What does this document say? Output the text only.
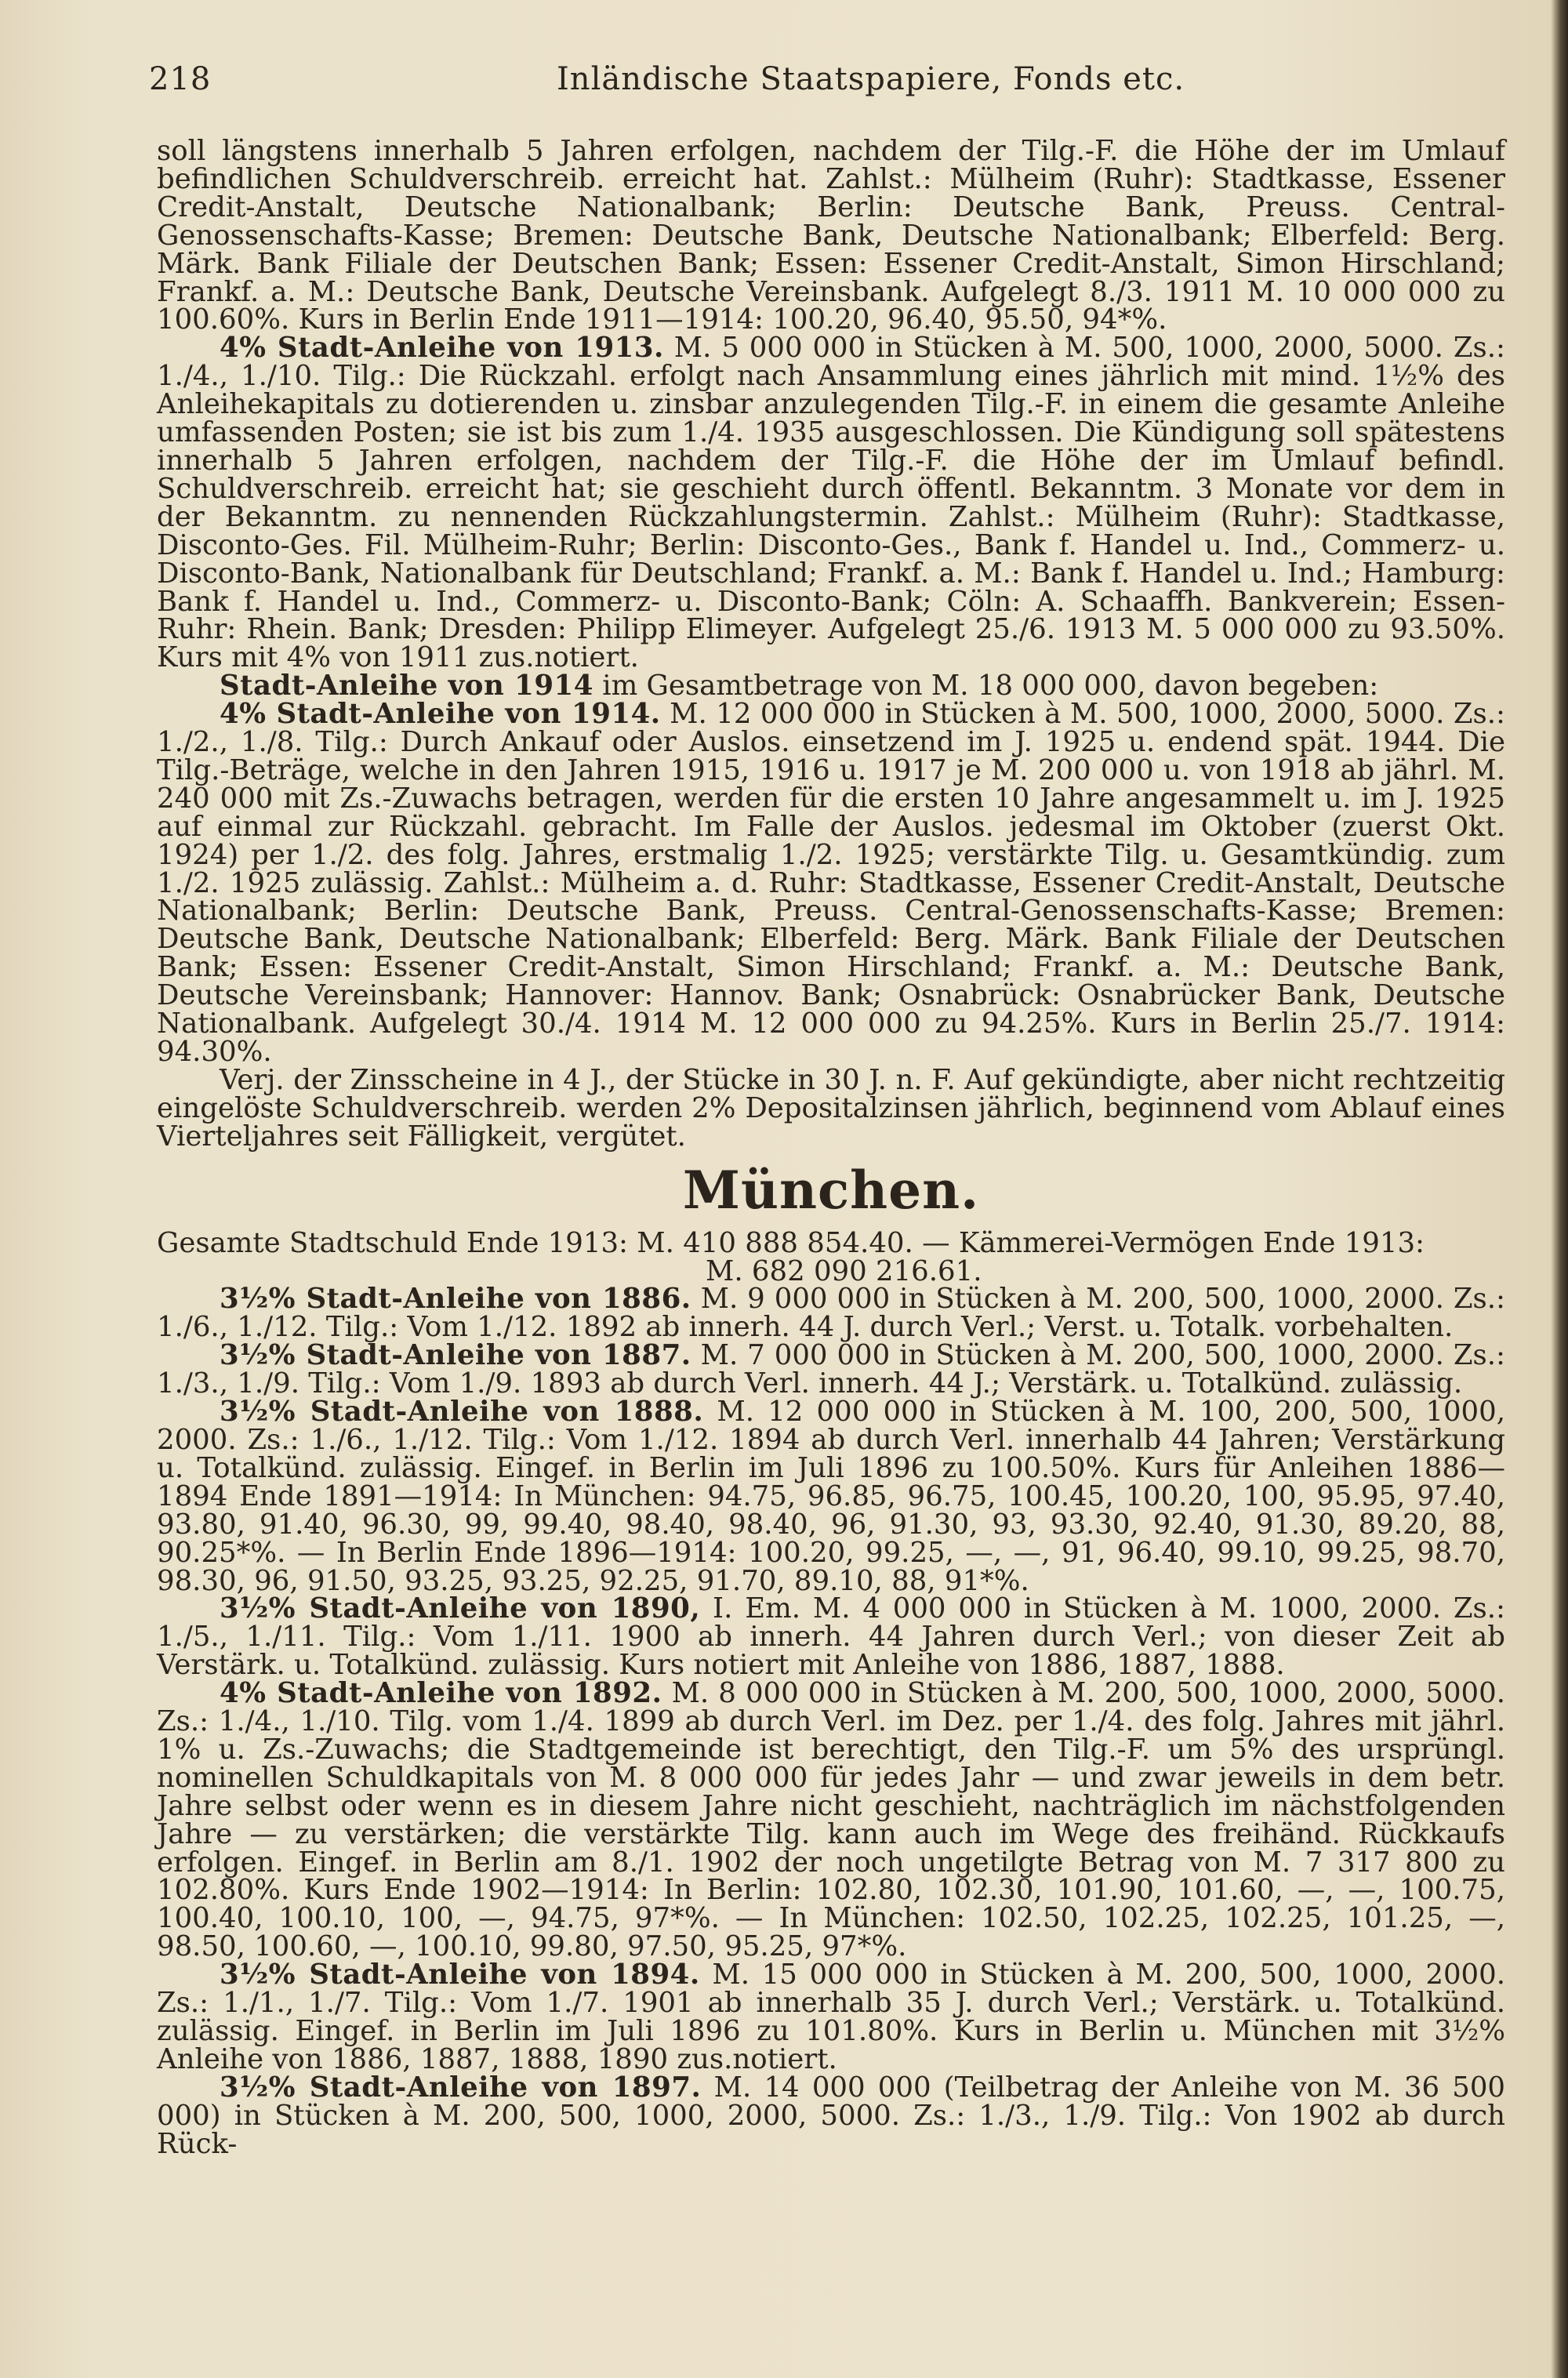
218	Inländische Staatspapiere, Fonds etc.

soll längstens innerhalb 5 Jahren erfolgen, nachdem der Tilg.-F. die Höhe der im Umlauf befindlichen Schuldverschreib. erreicht hat. Zahlst.: Mülheim (Ruhr): Stadtkasse, Essener Credit-Anstalt, Deutsche Nationalbank; Berlin: Deutsche Bank, Preuss. Central-Genossenschafts-Kasse; Bremen: Deutsche Bank, Deutsche Nationalbank; Elberfeld: Berg. Märk. Bank Filiale der Deutschen Bank; Essen: Essener Credit-Anstalt, Simon Hirschland; Frankf. a. M.: Deutsche Bank, Deutsche Vereinsbank. Aufgelegt 8./3. 1911 M. 10 000 000 zu 100.60%. Kurs in Berlin Ende 1911—1914: 100.20, 96.40, 95.50, 94*%.

4% Stadt-Anleihe von 1913. M. 5 000 000 in Stücken à M. 500, 1000, 2000, 5000. Zs.: 1./4., 1./10. Tilg.: Die Rückzahl. erfolgt nach Ansammlung eines jährlich mit mind. 1½% des Anleihekapitals zu dotierenden u. zinsbar anzulegenden Tilg.-F. in einem die gesamte Anleihe umfassenden Posten; sie ist bis zum 1./4. 1935 ausgeschlossen. Die Kündigung soll spätestens innerhalb 5 Jahren erfolgen, nachdem der Tilg.-F. die Höhe der im Umlauf befindl. Schuldverschreib. erreicht hat; sie geschieht durch öffentl. Bekanntm. 3 Monate vor dem in der Bekanntm. zu nennenden Rückzahlungstermin. Zahlst.: Mülheim (Ruhr): Stadtkasse, Disconto-Ges. Fil. Mülheim-Ruhr; Berlin: Disconto-Ges., Bank f. Handel u. Ind., Commerz- u. Disconto-Bank, Nationalbank für Deutschland; Frankf. a. M.: Bank f. Handel u. Ind.; Hamburg: Bank f. Handel u. Ind., Commerz- u. Disconto-Bank; Cöln: A. Schaaffh. Bankverein; Essen-Ruhr: Rhein. Bank; Dresden: Philipp Elimeyer. Aufgelegt 25./6. 1913 M. 5 000 000 zu 93.50%. Kurs mit 4% von 1911 zus.notiert.

Stadt-Anleihe von 1914 im Gesamtbetrage von M. 18 000 000, davon begeben:

4% Stadt-Anleihe von 1914. M. 12 000 000 in Stücken à M. 500, 1000, 2000, 5000. Zs.: 1./2., 1./8. Tilg.: Durch Ankauf oder Auslos. einsetzend im J. 1925 u. endend spät. 1944. Die Tilg.-Beträge, welche in den Jahren 1915, 1916 u. 1917 je M. 200 000 u. von 1918 ab jährl. M. 240 000 mit Zs.-Zuwachs betragen, werden für die ersten 10 Jahre angesammelt u. im J. 1925 auf einmal zur Rückzahl. gebracht. Im Falle der Auslos. jedesmal im Oktober (zuerst Okt. 1924) per 1./2. des folg. Jahres, erstmalig 1./2. 1925; verstärkte Tilg. u. Gesamtkündig. zum 1./2. 1925 zulässig. Zahlst.: Mülheim a. d. Ruhr: Stadtkasse, Essener Credit-Anstalt, Deutsche Nationalbank; Berlin: Deutsche Bank, Preuss. Central-Genossenschafts-Kasse; Bremen: Deutsche Bank, Deutsche Nationalbank; Elberfeld: Berg. Märk. Bank Filiale der Deutschen Bank; Essen: Essener Credit-Anstalt, Simon Hirschland; Frankf. a. M.: Deutsche Bank, Deutsche Vereinsbank; Hannover: Hannov. Bank; Osnabrück: Osnabrücker Bank, Deutsche Nationalbank. Aufgelegt 30./4. 1914 M. 12 000 000 zu 94.25%. Kurs in Berlin 25./7. 1914: 94.30%.

Verj. der Zinsscheine in 4 J., der Stücke in 30 J. n. F. Auf gekündigte, aber nicht rechtzeitig eingelöste Schuldverschreib. werden 2% Depositalzinsen jährlich, beginnend vom Ablauf eines Vierteljahres seit Fälligkeit, vergütet.

München.

Gesamte Stadtschuld Ende 1913: M. 410 888 854.40. — Kämmerei-Vermögen Ende 1913:

M. 682 090 216.61.

3½% Stadt-Anleihe von 1886. M. 9 000 000 in Stücken à M. 200, 500, 1000, 2000. Zs.: 1./6., 1./12. Tilg.: Vom 1./12. 1892 ab innerh. 44 J. durch Verl.; Verst. u. Totalk. vorbehalten.

3½% Stadt-Anleihe von 1887. M. 7 000 000 in Stücken à M. 200, 500, 1000, 2000. Zs.: 1./3., 1./9. Tilg.: Vom 1./9. 1893 ab durch Verl. innerh. 44 J.; Verstärk. u. Totalkünd. zulässig.

3½% Stadt-Anleihe von 1888. M. 12 000 000 in Stücken à M. 100, 200, 500, 1000, 2000. Zs.: 1./6., 1./12. Tilg.: Vom 1./12. 1894 ab durch Verl. innerhalb 44 Jahren; Verstärkung u. Totalkünd. zulässig. Eingef. in Berlin im Juli 1896 zu 100.50%. Kurs für Anleihen 1886—1894 Ende 1891—1914: In München: 94.75, 96.85, 96.75, 100.45, 100.20, 100, 95.95, 97.40, 93.80, 91.40, 96.30, 99, 99.40, 98.40, 98.40, 96, 91.30, 93, 93.30, 92.40, 91.30, 89.20, 88, 90.25*%. — In Berlin Ende 1896—1914: 100.20, 99.25, —, —, 91, 96.40, 99.10, 99.25, 98.70, 98.30, 96, 91.50, 93.25, 93.25, 92.25, 91.70, 89.10, 88, 91*%.

3½% Stadt-Anleihe von 1890, I. Em. M. 4 000 000 in Stücken à M. 1000, 2000. Zs.: 1./5., 1./11. Tilg.: Vom 1./11. 1900 ab innerh. 44 Jahren durch Verl.; von dieser Zeit ab Verstärk. u. Totalkünd. zulässig. Kurs notiert mit Anleihe von 1886, 1887, 1888.

4% Stadt-Anleihe von 1892. M. 8 000 000 in Stücken à M. 200, 500, 1000, 2000, 5000. Zs.: 1./4., 1./10. Tilg. vom 1./4. 1899 ab durch Verl. im Dez. per 1./4. des folg. Jahres mit jährl. 1% u. Zs.-Zuwachs; die Stadtgemeinde ist berechtigt, den Tilg.-F. um 5% des ursprüngl. nominellen Schuldkapitals von M. 8 000 000 für jedes Jahr — und zwar jeweils in dem betr. Jahre selbst oder wenn es in diesem Jahre nicht geschieht, nachträglich im nächstfolgenden Jahre — zu verstärken; die verstärkte Tilg. kann auch im Wege des freihänd. Rückkaufs erfolgen. Eingef. in Berlin am 8./1. 1902 der noch ungetilgte Betrag von M. 7 317 800 zu 102.80%. Kurs Ende 1902—1914: In Berlin: 102.80, 102.30, 101.90, 101.60, —, —, 100.75, 100.40, 100.10, 100, —, 94.75, 97*%. — In München: 102.50, 102.25, 102.25, 101.25, —, 98.50, 100.60, —, 100.10, 99.80, 97.50, 95.25, 97*%.

3½% Stadt-Anleihe von 1894. M. 15 000 000 in Stücken à M. 200, 500, 1000, 2000. Zs.: 1./1., 1./7. Tilg.: Vom 1./7. 1901 ab innerhalb 35 J. durch Verl.; Verstärk. u. Totalkünd. zulässig. Eingef. in Berlin im Juli 1896 zu 101.80%. Kurs in Berlin u. München mit 3½% Anleihe von 1886, 1887, 1888, 1890 zus.notiert.

3½% Stadt-Anleihe von 1897. M. 14 000 000 (Teilbetrag der Anleihe von M. 36 500 000) in Stücken à M. 200, 500, 1000, 2000, 5000. Zs.: 1./3., 1./9. Tilg.: Von 1902 ab durch Rück-
